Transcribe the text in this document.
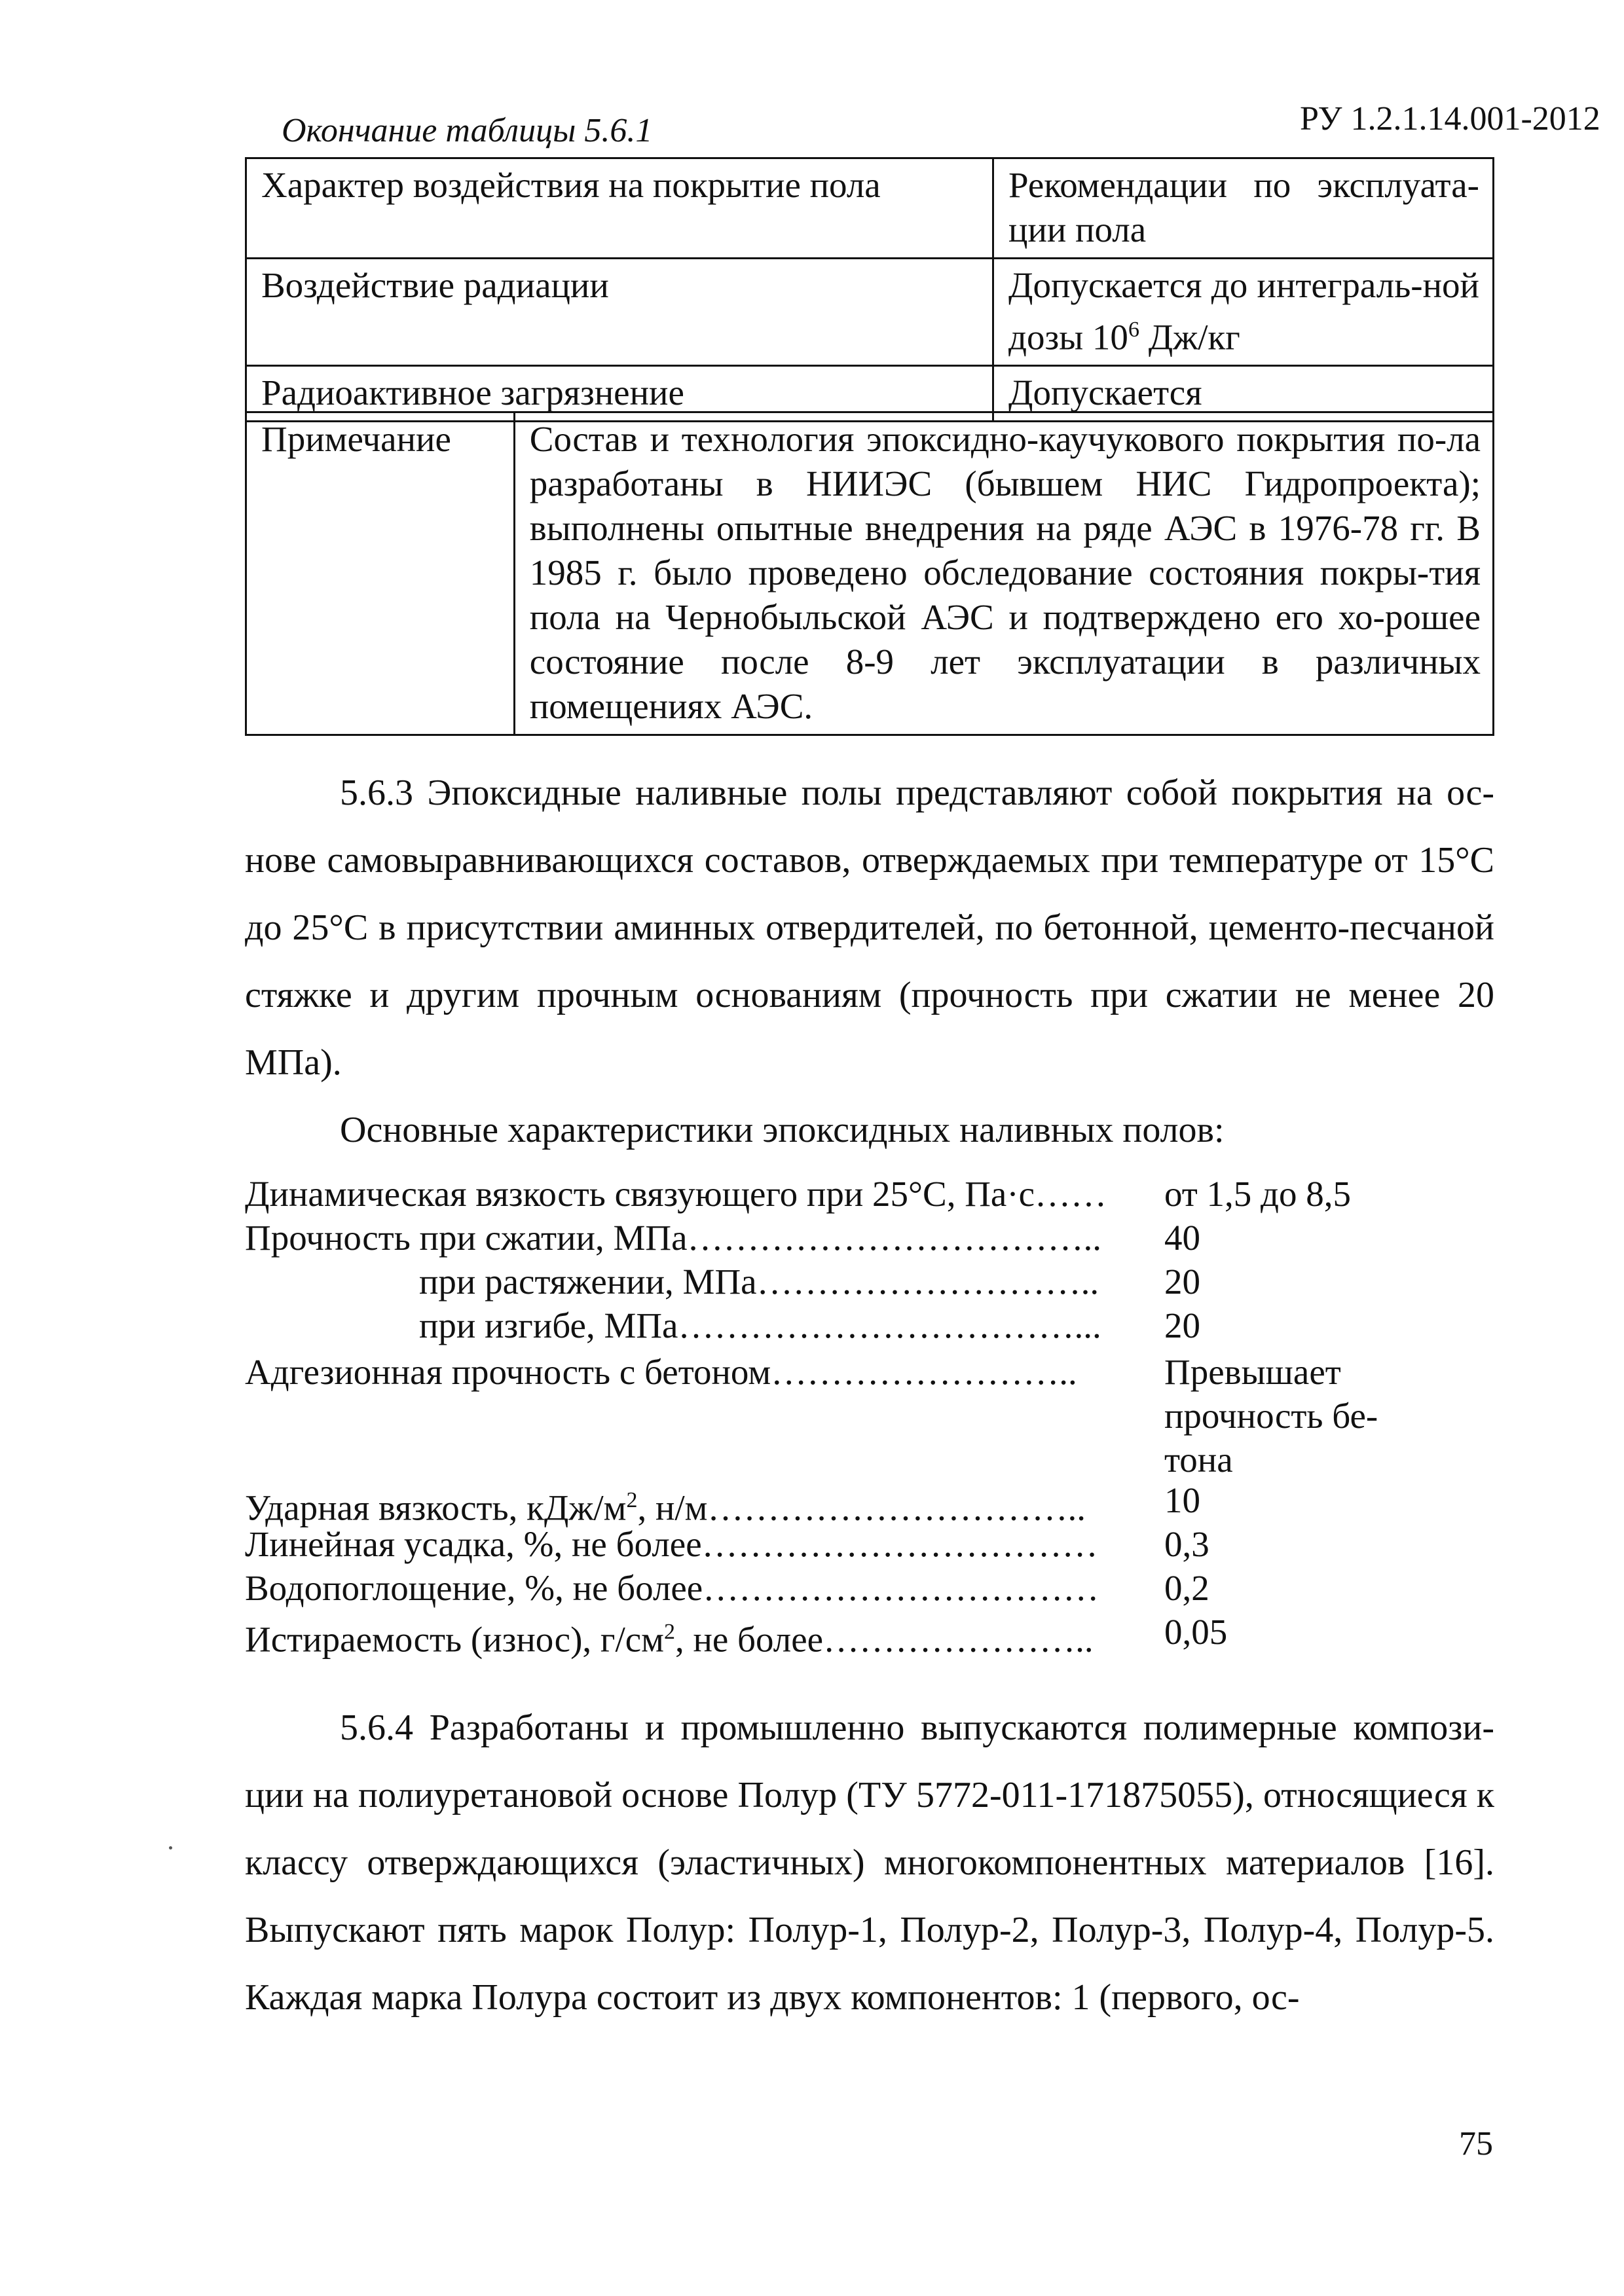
Окончание таблицы 5.6.1	РУ 1.2.1.14.001-2012
Характер воздействия на покрытие пола	Рекомендации по эксплуата-ции пола
Воздействие радиации	Допускается до интеграль-ной дозы $10^6$ Дж/кг
Радиоактивное загрязнение	Допускается
Примечание	Состав и технология эпоксидно-каучукового покрытия по-ла разработаны в НИИЭС (бывшем НИС Гидропроекта); выполнены опытные внедрения на ряде АЭС в 1976-78 гг. В 1985 г. было проведено обследование состояния покры-тия пола на Чернобыльской АЭС и подтверждено его хо-рошее состояние после 8-9 лет эксплуатации в различных помещениях АЭС.
5.6.3 Эпоксидные наливные полы представляют собой покрытия на ос-нове самовыравнивающихся составов, отверждаемых при температуре от 15°С до 25°С в присутствии аминных отвердителей, по бетонной, цементо-песчаной стяжке и другим прочным основаниям (прочность при сжатии не менее 20 МПа).
Основные характеристики эпоксидных наливных полов:
Динамическая вязкость связующего при 25°С, Па·с……	от 1,5 до 8,5
Прочность при сжатии, МПа……………………………..	40
при растяжении, МПа………………………..	20
при изгибе, МПа……………………………...	20
Адгезионная прочность с бетоном……………………..	Превышает
прочность бе-
тона
Ударная вязкость, кДж/$м^2$, н/м…………………………..	10
Линейная усадка, %, не более……………………………	0,3
Водопоглощение, %, не более……………………………	0,2
Истираемость (износ), $г/см^2$, не более…………………..	0,05
5.6.4 Разработаны и промышленно выпускаются полимерные компози-ции на полиуретановой основе Полур (ТУ 5772-011-171875055), относящиеся к классу отверждающихся (эластичных) многокомпонентных материалов [16]. Выпускают пять марок Полур: Полур-1, Полур-2, Полур-3, Полур-4, Полур-5. Каждая марка Полура состоит из двух компонентов: 1 (первого, ос-
75
